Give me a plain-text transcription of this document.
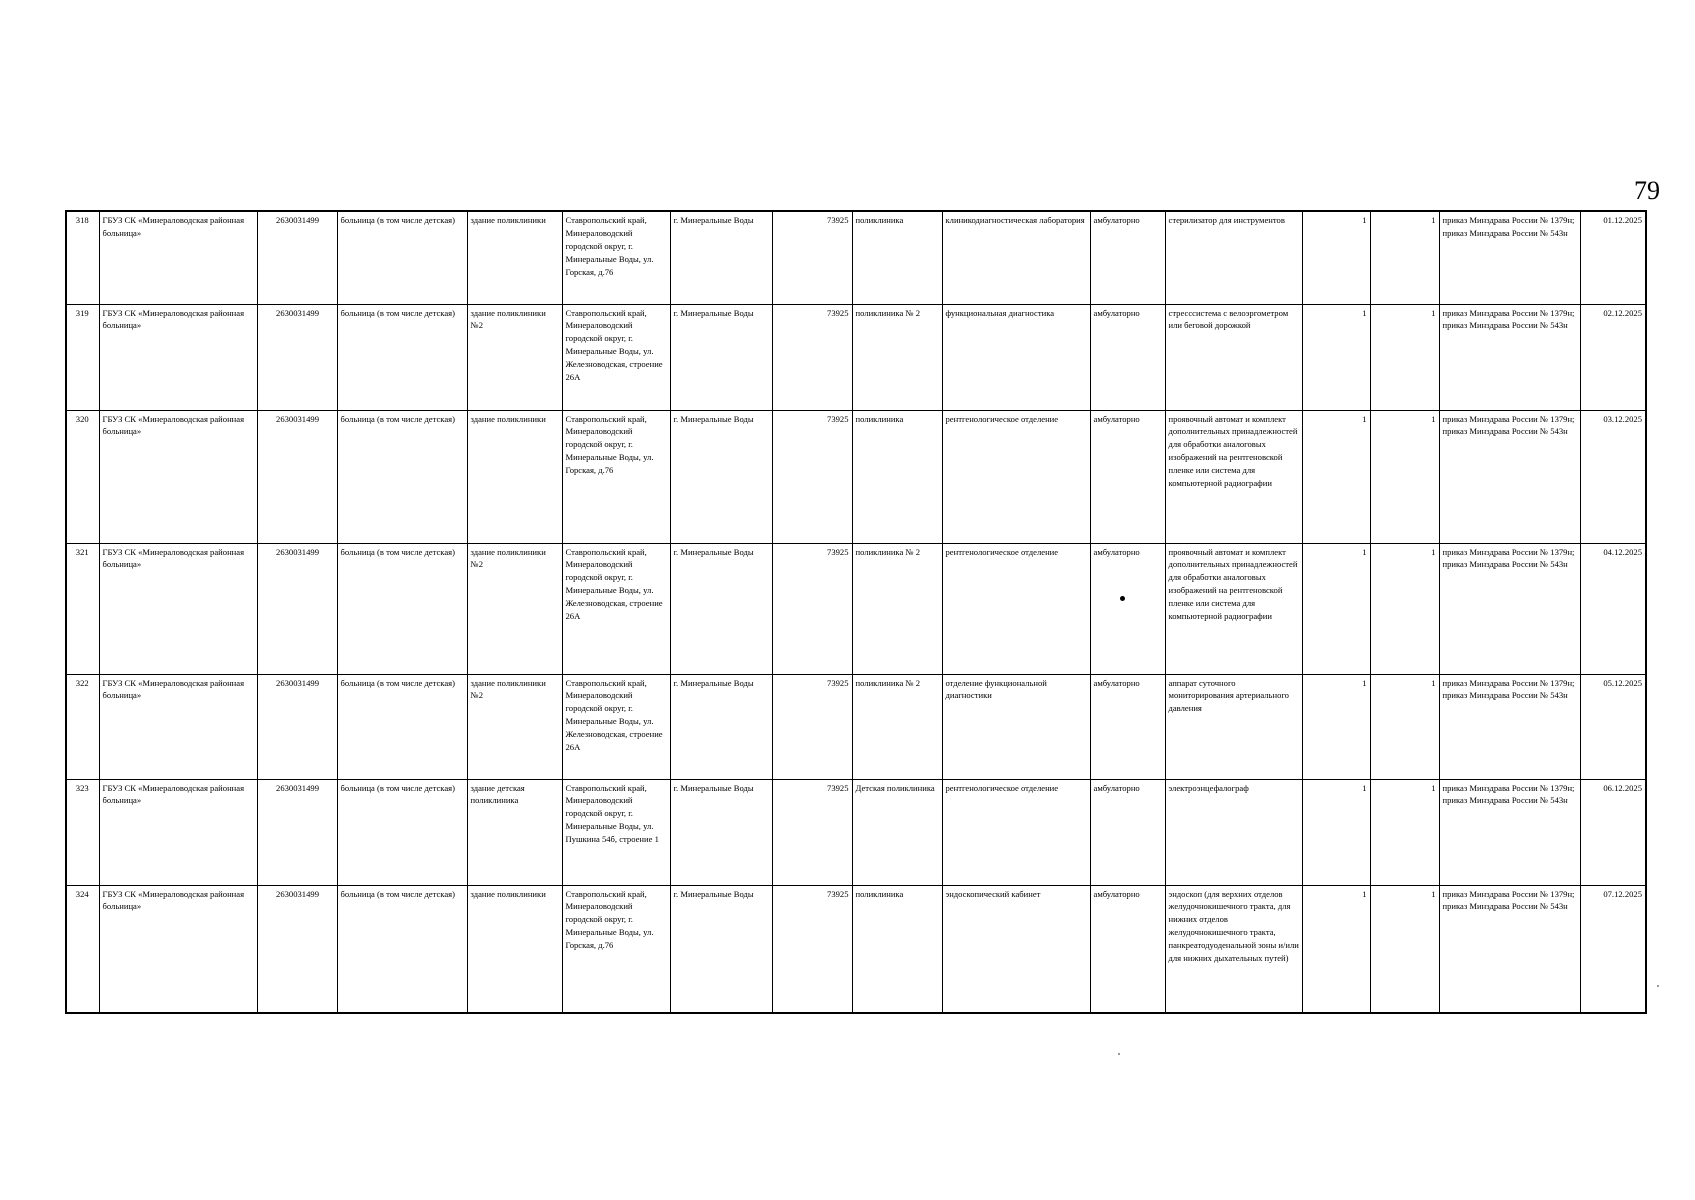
79
318	ГБУЗ СК «Минераловодская районная больница»	2630031499	больница (в том числе детская)	здание поликлиники	Ставропольский край, Минераловодский городской округ, г. Минеральные Воды, ул. Горская, д.76	г. Минеральные Воды	73925	поликлиника	клиникодиагностическая лаборатория	амбулаторно	стерилизатор для инструментов	1	1	приказ Минздрава России № 1379н; приказ Минздрава России № 543н	01.12.2025
319	ГБУЗ СК «Минераловодская районная больница»	2630031499	больница (в том числе детская)	здание поликлиники №2	Ставропольский край, Минераловодский городской округ, г. Минеральные Воды, ул. Железноводская, строение 26А	г. Минеральные Воды	73925	поликлиника № 2	функциональная диагностика	амбулаторно	стресссистема с велоэргометром или беговой дорожкой	1	1	приказ Минздрава России № 1379н; приказ Минздрава России № 543н	02.12.2025
320	ГБУЗ СК «Минераловодская районная больница»	2630031499	больница (в том числе детская)	здание поликлиники	Ставропольский край, Минераловодский городской округ, г. Минеральные Воды, ул. Горская, д.76	г. Минеральные Воды	73925	поликлиника	рентгенологическое отделение	амбулаторно	проявочный автомат и комплект дополнительных принадлежностей для обработки аналоговых изображений на рентгеновской пленке или система для компьютерной радиографии	1	1	приказ Минздрава России № 1379н; приказ Минздрава России № 543н	03.12.2025
321	ГБУЗ СК «Минераловодская районная больница»	2630031499	больница (в том числе детская)	здание поликлиники №2	Ставропольский край, Минераловодский городской округ, г. Минеральные Воды, ул. Железноводская, строение 26А	г. Минеральные Воды	73925	поликлиника № 2	рентгенологическое отделение	амбулаторно	проявочный автомат и комплект дополнительных принадлежностей для обработки аналоговых изображений на рентгеновской пленке или система для компьютерной радиографии	1	1	приказ Минздрава России № 1379н; приказ Минздрава России № 543н	04.12.2025
322	ГБУЗ СК «Минераловодская районная больница»	2630031499	больница (в том числе детская)	здание поликлиники №2	Ставропольский край, Минераловодский городской округ, г. Минеральные Воды, ул. Железноводская, строение 26А	г. Минеральные Воды	73925	поликлиника № 2	отделение функциональной диагностики	амбулаторно	аппарат суточного мониторирования артериального давления	1	1	приказ Минздрава России № 1379н; приказ Минздрава России № 543н	05.12.2025
323	ГБУЗ СК «Минераловодская районная больница»	2630031499	больница (в том числе детская)	здание детская поликлиника	Ставропольский край, Минераловодский городской округ, г. Минеральные Воды, ул. Пушкина 54б, строение 1	г. Минеральные Воды	73925	Детская поликлиника	рентгенологическое отделение	амбулаторно	электроэнцефалограф	1	1	приказ Минздрава России № 1379н; приказ Минздрава России № 543н	06.12.2025
324	ГБУЗ СК «Минераловодская районная больница»	2630031499	больница (в том числе детская)	здание поликлиники	Ставропольский край, Минераловодский городской округ, г. Минеральные Воды, ул. Горская, д.76	г. Минеральные Воды	73925	поликлиника	эндоскопический кабинет	амбулаторно	эндоскоп (для верхних отделов желудочнокишечного тракта, для нижних отделов желудочнокишечного тракта, панкреатодуоденальной зоны и/или для нижних дыхательных путей)	1	1	приказ Минздрава России № 1379н; приказ Минздрава России № 543н	07.12.2025
